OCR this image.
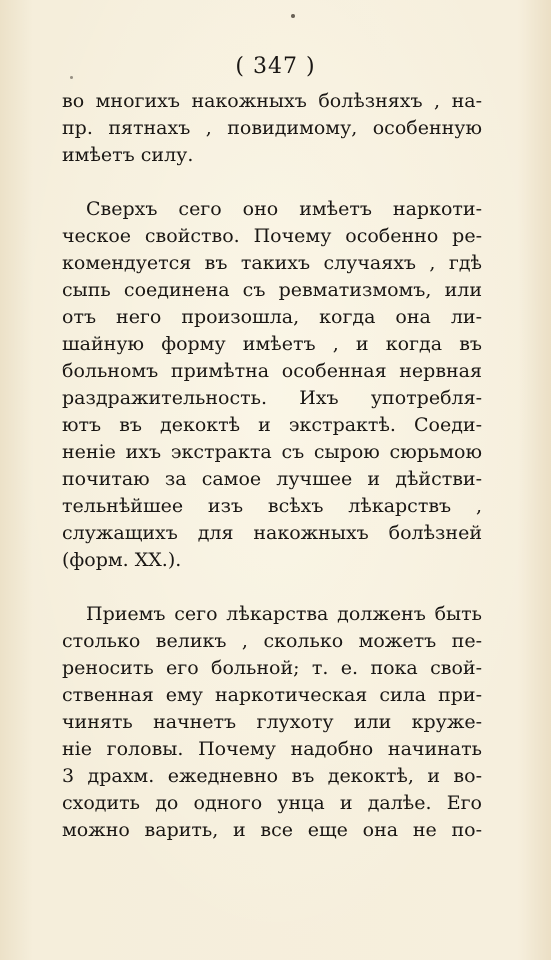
( 347 )
во многихъ накожныхъ болѣзняхъ , на-
пр. пятнахъ , повидимому, особенную
имѣетъ силу.
Сверхъ сего оно имѣетъ наркоти-
ческое свойство. Почему особенно ре-
комендуется въ такихъ случаяхъ , гдѣ
сыпь соединена съ ревматизмомъ, или
отъ него произошла, когда она ли-
шайную форму имѣетъ , и когда въ
больномъ примѣтна особенная нервная
раздражительность. Ихъ употребля-
ютъ въ декоктѣ и экстрактѣ. Соеди-
неніе ихъ экстракта съ сырою сюрьмою
почитаю за самое лучшее и дѣйстви-
тельнѣйшее изъ всѣхъ лѣкарствъ ,
служащихъ для накожныхъ болѣзней
(форм. XX.).
Приемъ сего лѣкарства долженъ быть
столько великъ , сколько можетъ пе-
реносить его больной; т. е. пока свой-
ственная ему наркотическая сила при-
чинять начнетъ глухоту или круже-
ніе головы. Почему надобно начинать
3 драхм. ежедневно въ декоктѣ, и во-
сходить до одного унца и далѣе. Его
можно варить, и все еще она не по-
